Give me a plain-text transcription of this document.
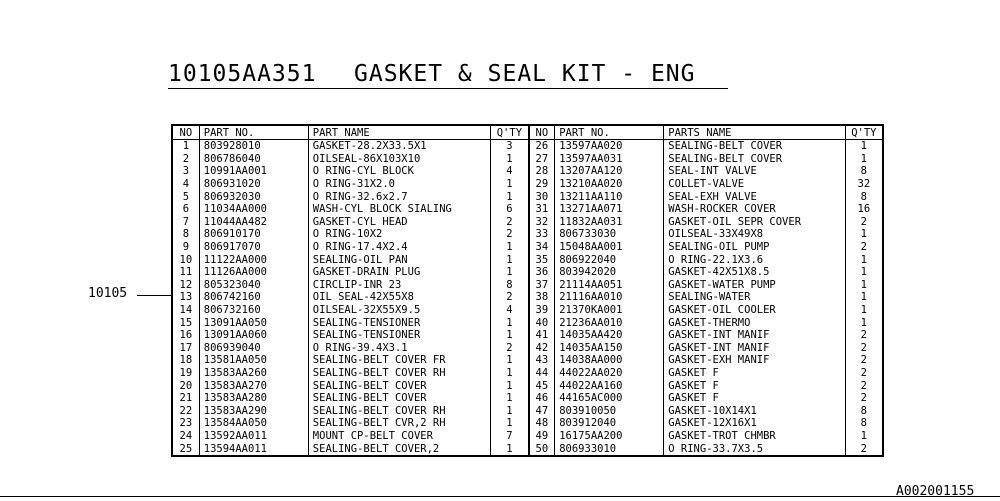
10105AA351 GASKET & SEAL KIT - ENG
10105
NO	PART NO.	PART NAME	Q'TY	NO	PART NO.	PARTS NAME	Q'TY
1	803928010	GASKET-28.2X33.5X1	3	26	13597AA020	SEALING-BELT COVER	1
2	806786040	OILSEAL-86X103X10	1	27	13597AA031	SEALING-BELT COVER	1
3	10991AA001	O RING-CYL BLOCK	4	28	13207AA120	SEAL-INT VALVE	8
4	806931020	O RING-31X2.0	1	29	13210AA020	COLLET-VALVE	32
5	806932030	O RING-32.6x2.7	1	30	13211AA110	SEAL-EXH VALVE	8
6	11034AA000	WASH-CYL BLOCK SIALING	6	31	13271AA071	WASH-ROCKER COVER	16
7	11044AA482	GASKET-CYL HEAD	2	32	11832AA031	GASKET-OIL SEPR COVER	2
8	806910170	O RING-10X2	2	33	806733030	OILSEAL-33X49X8	1
9	806917070	O RING-17.4X2.4	1	34	15048AA001	SEALING-OIL PUMP	2
10	11122AA000	SEALING-OIL PAN	1	35	806922040	O RING-22.1X3.6	1
11	11126AA000	GASKET-DRAIN PLUG	1	36	803942020	GASKET-42X51X8.5	1
12	805323040	CIRCLIP-INR 23	8	37	21114AA051	GASKET-WATER PUMP	1
13	806742160	OIL SEAL-42X55X8	2	38	21116AA010	SEALING-WATER	1
14	806732160	OILSEAL-32X55X9.5	4	39	21370KA001	GASKET-OIL COOLER	1
15	13091AA050	SEALING-TENSIONER	1	40	21236AA010	GASKET-THERMO	1
16	13091AA060	SEALING-TENSIONER	1	41	14035AA420	GASKET-INT MANIF	2
17	806939040	O RING-39.4X3.1	2	42	14035AA150	GASKET-INT MANIF	2
18	13581AA050	SEALING-BELT COVER FR	1	43	14038AA000	GASKET-EXH MANIF	2
19	13583AA260	SEALING-BELT COVER RH	1	44	44022AA020	GASKET F	2
20	13583AA270	SEALING-BELT COVER	1	45	44022AA160	GASKET F	2
21	13583AA280	SEALING-BELT COVER	1	46	44165AC000	GASKET F	2
22	13583AA290	SEALING-BELT COVER RH	1	47	803910050	GASKET-10X14X1	8
23	13584AA050	SEALING-BELT CVR,2 RH	1	48	803912040	GASKET-12X16X1	8
24	13592AA011	MOUNT CP-BELT COVER	7	49	16175AA200	GASKET-TROT CHMBR	1
25	13594AA011	SEALING-BELT COVER,2	1	50	806933010	O RING-33.7X3.5	2
A002001155
